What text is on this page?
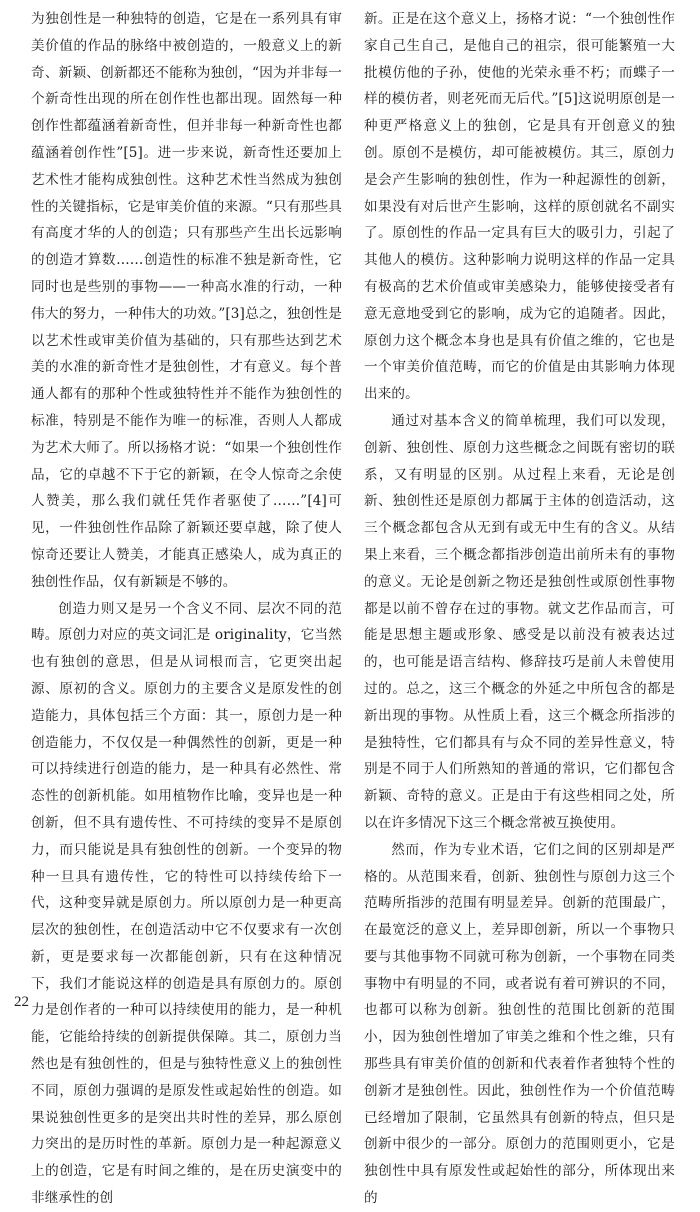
为独创性是一种独特的创造，它是在一系列具有审美价值的作品的脉络中被创造的，一般意义上的新奇、新颖、创新都还不能称为独创，“因为并非每一个新奇性出现的所在创作性也都出现。固然每一种创作性都蕴涵着新奇性，但并非每一种新奇性也都蕴涵着创作性”[5]。进一步来说，新奇性还要加上艺术性才能构成独创性。这种艺术性当然成为独创性的关键指标，它是审美价值的来源。“只有那些具有高度才华的人的创造；只有那些产生出长远影响的创造才算数……创造性的标准不独是新奇性，它同时也是些别的事物——一种高水准的行动，一种伟大的努力，一种伟大的功效。”[3]总之，独创性是以艺术性或审美价值为基础的，只有那些达到艺术美的水准的新奇性才是独创性，才有意义。每个普通人都有的那种个性或独特性并不能作为独创性的标准，特别是不能作为唯一的标准，否则人人都成为艺术大师了。所以扬格才说：“如果一个独创性作品，它的卓越不下于它的新颖，在令人惊奇之余使人赞美，那么我们就任凭作者驱使了……”[4]可见，一件独创性作品除了新颖还要卓越，除了使人惊奇还要让人赞美，才能真正感染人，成为真正的独创性作品，仅有新颖是不够的。

创造力则又是另一个含义不同、层次不同的范畴。原创力对应的英文词汇是 originality，它当然也有独创的意思，但是从词根而言，它更突出起源、原初的含义。原创力的主要含义是原发性的创造能力，具体包括三个方面：其一，原创力是一种创造能力，不仅仅是一种偶然性的创新，更是一种可以持续进行创造的能力，是一种具有必然性、常态性的创新机能。如用植物作比喻，变异也是一种创新，但不具有遗传性、不可持续的变异不是原创力，而只能说是具有独创性的创新。一个变异的物种一旦具有遗传性，它的特性可以持续传给下一代，这种变异就是原创力。所以原创力是一种更高层次的独创性，在创造活动中它不仅要求有一次创新，更是要求每一次都能创新，只有在这种情况下，我们才能说这样的创造是具有原创力的。原创力是创作者的一种可以持续使用的能力，是一种机能，它能给持续的创新提供保障。其二，原创力当然也是有独创性的，但是与独特性意义上的独创性不同，原创力强调的是原发性或起始性的创造。如果说独创性更多的是突出共时性的差异，那么原创力突出的是历时性的革新。原创力是一种起源意义上的创造，它是有时间之维的，是在历史演变中的非继承性的创

新。正是在这个意义上，扬格才说：“一个独创性作家自己生自己，是他自己的祖宗，很可能繁殖一大批模仿他的子孙，使他的光荣永垂不朽；而蝶子一样的模仿者，则老死而无后代。”[5]这说明原创是一种更严格意义上的独创，它是具有开创意义的独创。原创不是模仿，却可能被模仿。其三，原创力是会产生影响的独创性，作为一种起源性的创新，如果没有对后世产生影响，这样的原创就名不副实了。原创性的作品一定具有巨大的吸引力，引起了其他人的模仿。这种影响力说明这样的作品一定具有极高的艺术价值或审美感染力，能够使接受者有意无意地受到它的影响，成为它的追随者。因此，原创力这个概念本身也是具有价值之维的，它也是一个审美价值范畴，而它的价值是由其影响力体现出来的。

通过对基本含义的简单梳理，我们可以发现，创新、独创性、原创力这些概念之间既有密切的联系，又有明显的区别。从过程上来看，无论是创新、独创性还是原创力都属于主体的创造活动，这三个概念都包含从无到有或无中生有的含义。从结果上来看，三个概念都指涉创造出前所未有的事物的意义。无论是创新之物还是独创性或原创性事物都是以前不曾存在过的事物。就文艺作品而言，可能是思想主题或形象、感受是以前没有被表达过的，也可能是语言结构、修辞技巧是前人未曾使用过的。总之，这三个概念的外延之中所包含的都是新出现的事物。从性质上看，这三个概念所指涉的是独特性，它们都具有与众不同的差异性意义，特别是不同于人们所熟知的普通的常识，它们都包含新颖、奇特的意义。正是由于有这些相同之处，所以在许多情况下这三个概念常被互换使用。

然而，作为专业术语，它们之间的区别却是严格的。从范围来看，创新、独创性与原创力这三个范畴所指涉的范围有明显差异。创新的范围最广，在最宽泛的意义上，差异即创新，所以一个事物只要与其他事物不同就可称为创新，一个事物在同类事物中有明显的不同，或者说有着可辨识的不同，也都可以称为创新。独创性的范围比创新的范围小，因为独创性增加了审美之维和个性之维，只有那些具有审美价值的创新和代表着作者独特个性的创新才是独创性。因此，独创性作为一个价值范畴已经增加了限制，它虽然具有创新的特点，但只是创新中很少的一部分。原创力的范围则更小，它是独创性中具有原发性或起始性的部分，所体现出来的

22
